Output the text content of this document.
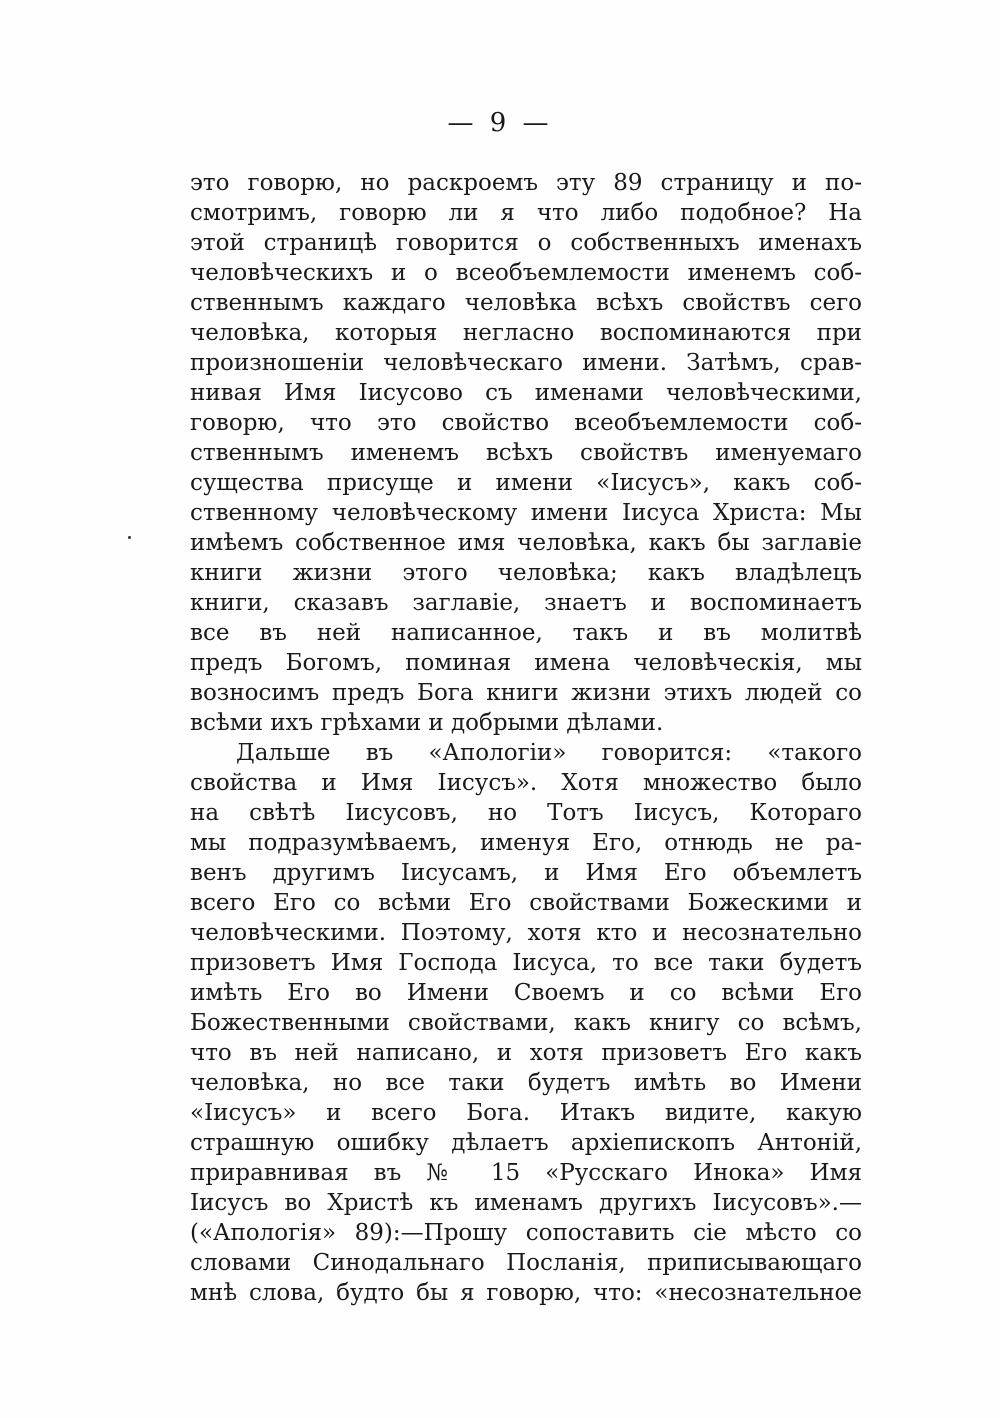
— 9 —
это говорю, но раскроемъ эту 89 страницу и по-
смотримъ, говорю ли я что либо подобное? На
этой страницѣ говорится о собственныхъ именахъ
человѣческихъ и о всеобъемлемости именемъ соб-
ственнымъ каждаго человѣка всѣхъ свойствъ сего
человѣка, которыя негласно воспоминаются при
произношеніи человѣческаго имени. Затѣмъ, срав-
нивая Имя Іисусово съ именами человѣческими,
говорю, что это свойство всеобъемлемости соб-
ственнымъ именемъ всѣхъ свойствъ именуемаго
существа присуще и имени «Іисусъ», какъ соб-
ственному человѣческому имени Іисуса Христа: Мы
имѣемъ собственное имя человѣка, какъ бы заглавіе
книги жизни этого человѣка; какъ владѣлецъ
книги, сказавъ заглавіе, знаетъ и воспоминаетъ
все въ ней написанное, такъ и въ молитвѣ
предъ Богомъ, поминая имена человѣческія, мы
возносимъ предъ Бога книги жизни этихъ людей со
всѣми ихъ грѣхами и добрыми дѣлами.
Дальше въ «Апологіи» говорится: «такого
свойства и Имя Іисусъ». Хотя множество было
на свѣтѣ Іисусовъ, но Тотъ Іисусъ, Котораго
мы подразумѣваемъ, именуя Его, отнюдь не ра-
венъ другимъ Іисусамъ, и Имя Его объемлетъ
всего Его со всѣми Его свойствами Божескими и
человѣческими. Поэтому, хотя кто и несознательно
призоветъ Имя Господа Іисуса, то все таки будетъ
имѣть Его во Имени Своемъ и со всѣми Его
Божественными свойствами, какъ книгу со всѣмъ,
что въ ней написано, и хотя призоветъ Его какъ
человѣка, но все таки будетъ имѣть во Имени
«Іисусъ» и всего Бога. Итакъ видите, какую
страшную ошибку дѣлаетъ архіепископъ Антоній,
приравнивая въ № 15 «Русскаго Инока» Имя
Іисусъ во Христѣ къ именамъ другихъ Іисусовъ».—
(«Апологія» 89):—Прошу сопоставить сіе мѣсто со
словами Синодальнаго Посланія, приписывающаго
мнѣ слова, будто бы я говорю, что: «несознательное
